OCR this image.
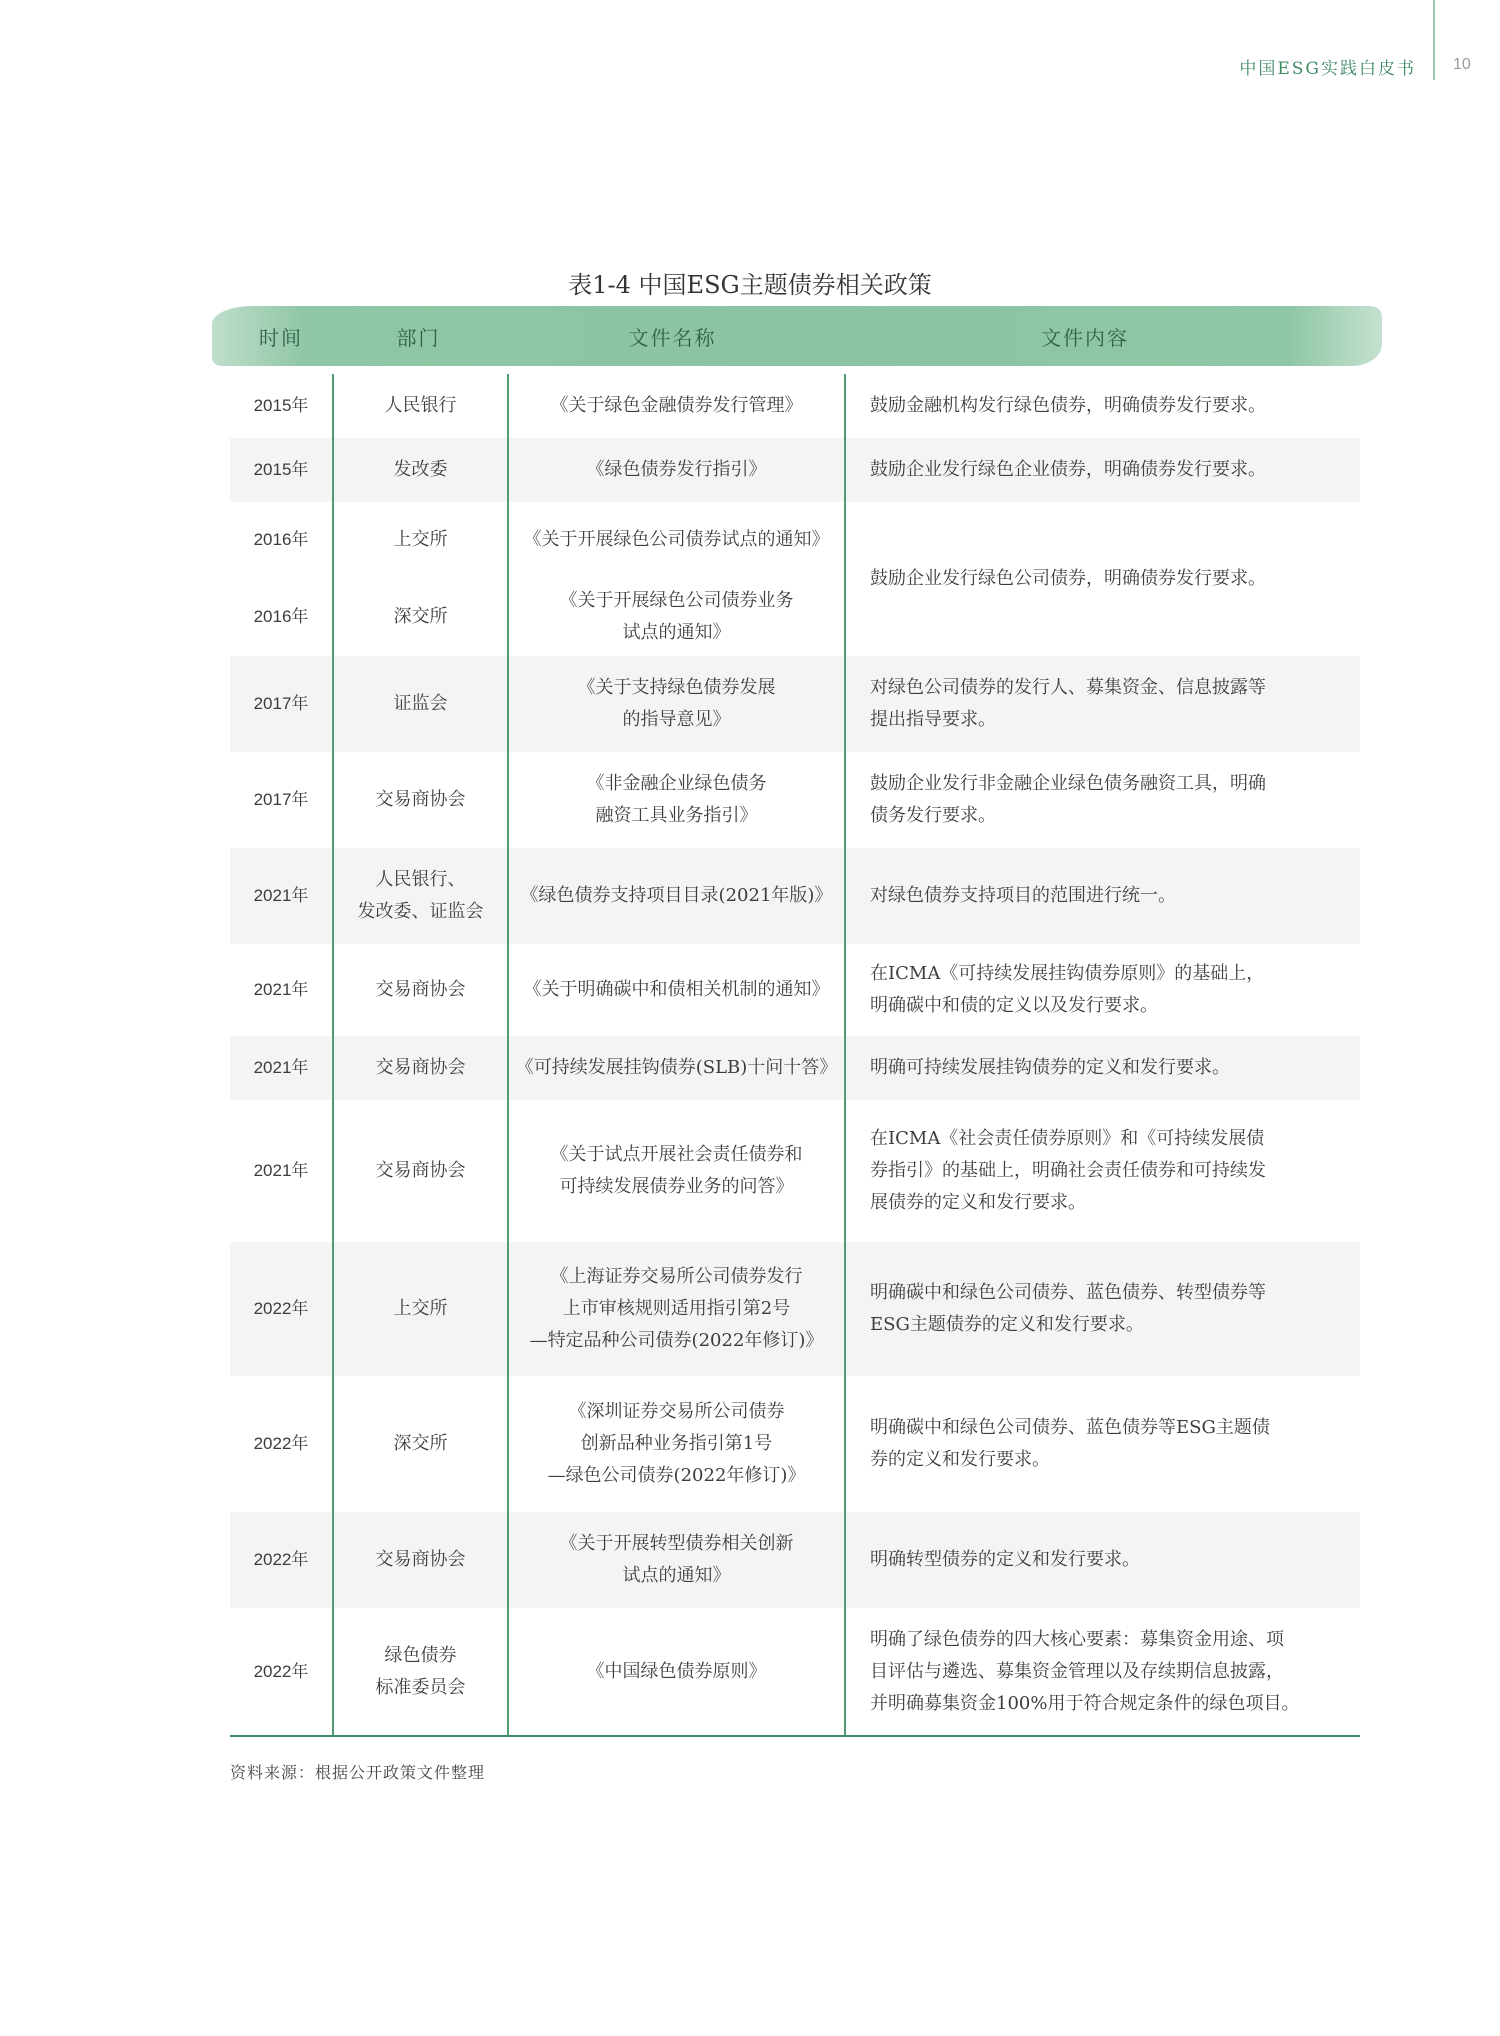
中国ESG实践白皮书 10
表1-4 中国ESG主题债券相关政策
时间	部门	文件名称	文件内容
2015年	人民银行	《关于绿色金融债券发行管理》	鼓励金融机构发行绿色债券，明确债券发行要求。

2015年	发改委	《绿色债券发行指引》	鼓励企业发行绿色企业债券，明确债券发行要求。

2016年	上交所	《关于开展绿色公司债券试点的通知》	鼓励企业发行绿色公司债券，明确债券发行要求。

2016年	深交所	《关于开展绿色公司债券业务
试点的通知》	

2017年	证监会	《关于支持绿色债券发展
的指导意见》	对绿色公司债券的发行人、募集资金、信息披露等
提出指导要求。

2017年	交易商协会	《非金融企业绿色债务
融资工具业务指引》	鼓励企业发行非金融企业绿色债务融资工具，明确
债务发行要求。

2021年	人民银行、
发改委、证监会	《绿色债券支持项目目录(2021年版)》	对绿色债券支持项目的范围进行统一。

2021年	交易商协会	《关于明确碳中和债相关机制的通知》	在ICMA《可持续发展挂钩债券原则》的基础上，
明确碳中和债的定义以及发行要求。

2021年	交易商协会	《可持续发展挂钩债券(SLB)十问十答》	明确可持续发展挂钩债券的定义和发行要求。

2021年	交易商协会	《关于试点开展社会责任债券和
可持续发展债券业务的问答》	在ICMA《社会责任债券原则》和《可持续发展债
券指引》的基础上，明确社会责任债券和可持续发
展债券的定义和发行要求。

2022年	上交所	《上海证券交易所公司债券发行
上市审核规则适用指引第2号
—特定品种公司债券(2022年修订)》	明确碳中和绿色公司债券、蓝色债券、转型债券等
ESG主题债券的定义和发行要求。

2022年	深交所	《深圳证券交易所公司债券
创新品种业务指引第1号
—绿色公司债券(2022年修订)》	明确碳中和绿色公司债券、蓝色债券等ESG主题债
券的定义和发行要求。

2022年	交易商协会	《关于开展转型债券相关创新
试点的通知》	明确转型债券的定义和发行要求。

2022年	绿色债券
标准委员会	《中国绿色债券原则》	明确了绿色债券的四大核心要素：募集资金用途、项
目评估与遴选、募集资金管理以及存续期信息披露，
并明确募集资金100%用于符合规定条件的绿色项目。
资料来源：根据公开政策文件整理
